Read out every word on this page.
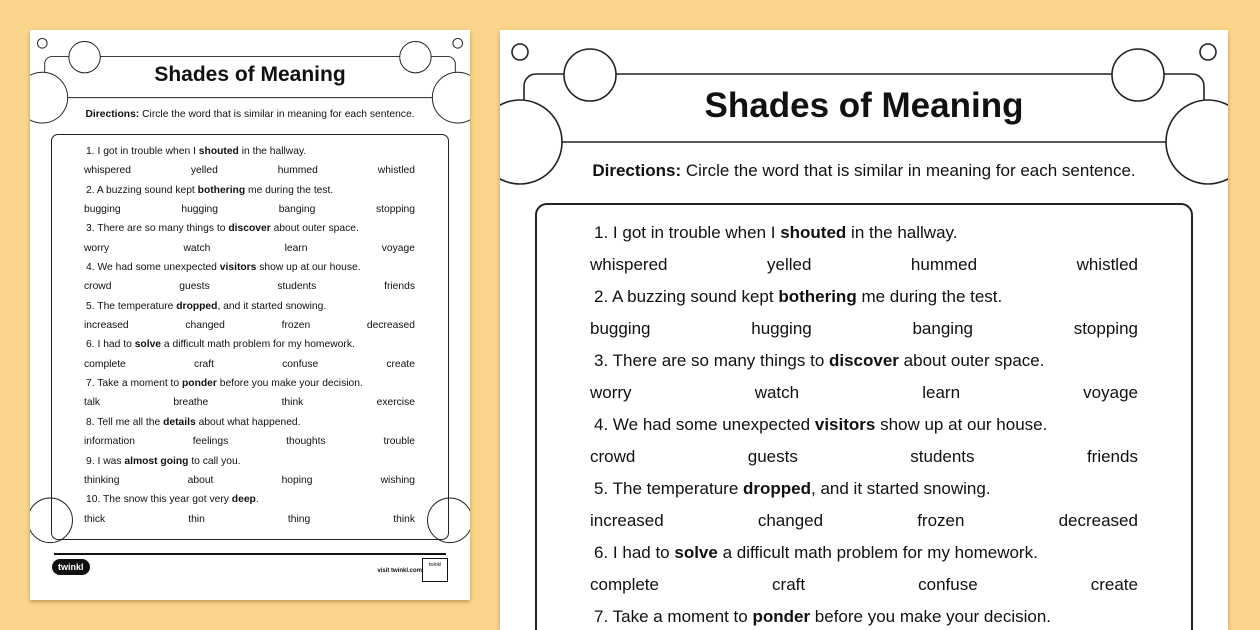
Shades of Meaning
Directions: Circle the word that is similar in meaning for each sentence.
1. I got in trouble when I shouted in the hallway.
whispered	yelled	hummed	whistled
2. A buzzing sound kept bothering me during the test.
bugging	hugging	banging	stopping
3. There are so many things to discover about outer space.
worry	watch	learn	voyage
4. We had some unexpected visitors show up at our house.
crowd	guests	students	friends
5. The temperature dropped, and it started snowing.
increased	changed	frozen	decreased
6. I had to solve a difficult math problem for my homework.
complete	craft	confuse	create
7. Take a moment to ponder before you make your decision.
talk	breathe	think	exercise
8. Tell me all the details about what happened.
information	feelings	thoughts	trouble
9. I was almost going to call you.
thinking	about	hoping	wishing
10. The snow this year got very deep.
thick	thin	thing	think
twinkl	visit twinkl.com
twinkl
Shades of Meaning
Directions: Circle the word that is similar in meaning for each sentence.
1. I got in trouble when I shouted in the hallway.
whispered	yelled	hummed	whistled
2. A buzzing sound kept bothering me during the test.
bugging	hugging	banging	stopping
3. There are so many things to discover about outer space.
worry	watch	learn	voyage
4. We had some unexpected visitors show up at our house.
crowd	guests	students	friends
5. The temperature dropped, and it started snowing.
increased	changed	frozen	decreased
6. I had to solve a difficult math problem for my homework.
complete	craft	confuse	create
7. Take a moment to ponder before you make your decision.
